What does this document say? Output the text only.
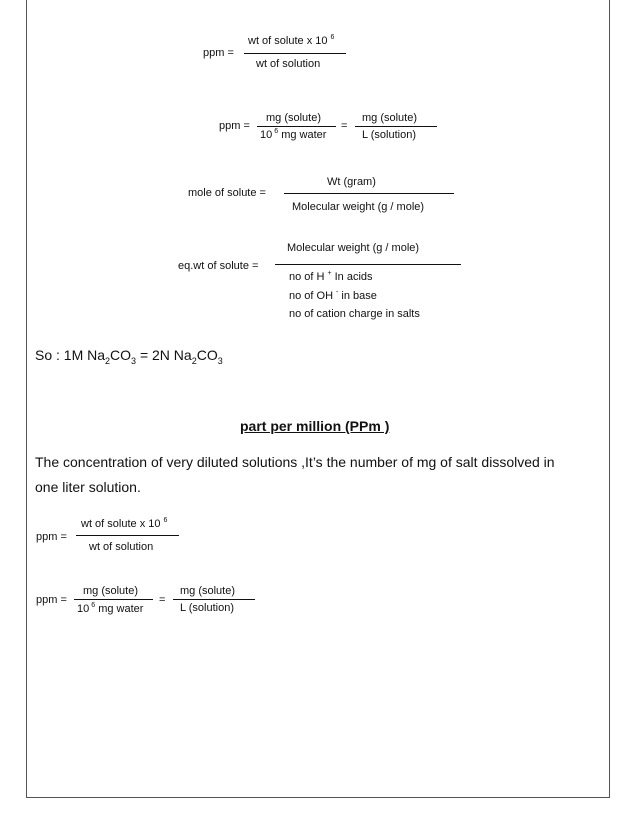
ppm =
wt of solute x 10 $^6$
wt of solution
ppm =
mg (solute)
10 $^6$ mg water
=
mg (solute)
L (solution)
mole of solute =
Wt (gram)
Molecular weight (g / mole)
eq.wt of solute =
Molecular weight (g / mole)
no of H + In acids
no of OH - in base
no of cation charge in salts
So : 1M $Na_2CO_3 = 2N$ $Na_2CO_3$
part per million (PPm )
The concentration of very diluted solutions ,It’s the number of mg of salt dissolved in
one liter solution.
ppm =
wt of solute x 10 $^6$
wt of solution
ppm =
mg (solute)
10 $^6$ mg water
=
mg (solute)
L (solution)
